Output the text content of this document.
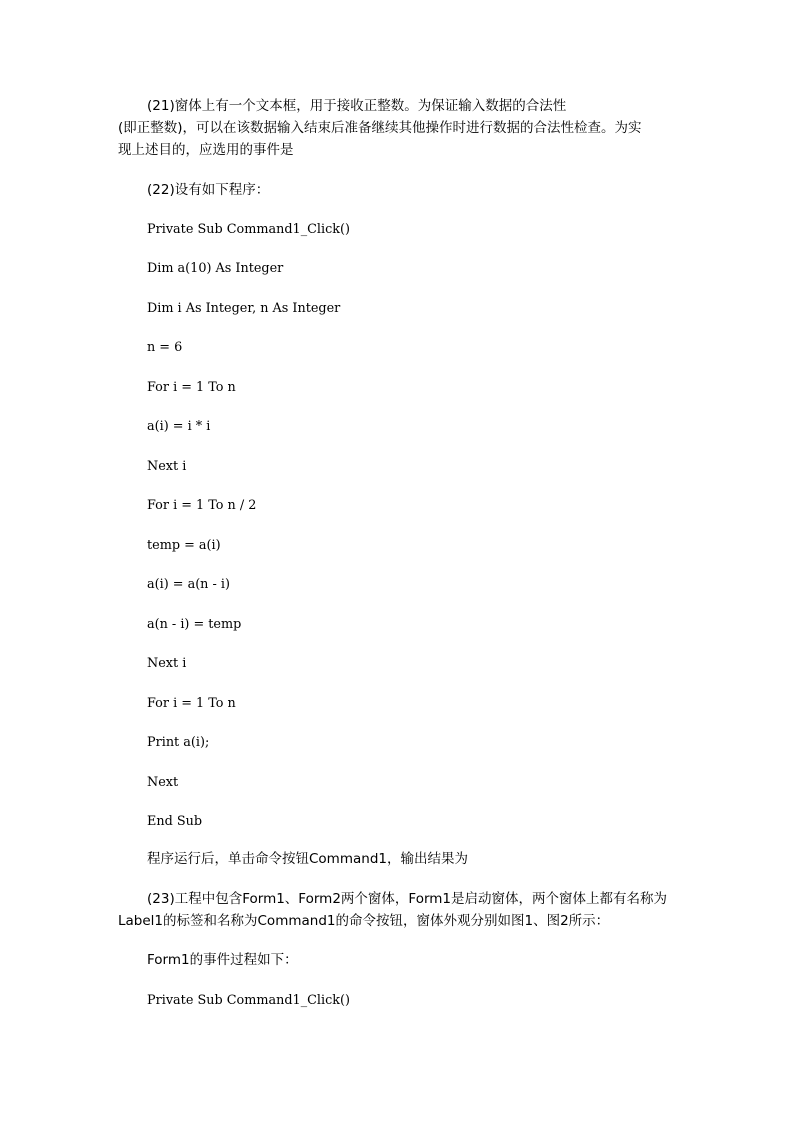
(21)窗体上有一个文本框，用于接收正整数。为保证输入数据的合法性
(即正整数)，可以在该数据输入结束后准备继续其他操作时进行数据的合法性检查。为实
现上述目的，应选用的事件是
(22)设有如下程序：
Private Sub Command1_Click()
Dim a(10) As Integer
Dim i As Integer, n As Integer
n = 6
For i = 1 To n
a(i) = i * i
Next i
For i = 1 To n / 2
temp = a(i)
a(i) = a(n - i)
a(n - i) = temp
Next i
For i = 1 To n
Print a(i);
Next
End Sub
程序运行后，单击命令按钮Command1，输出结果为
(23)工程中包含Form1、Form2两个窗体，Form1是启动窗体，两个窗体上都有名称为
Label1的标签和名称为Command1的命令按钮，窗体外观分别如图1、图2所示：
Form1的事件过程如下：
Private Sub Command1_Click()
